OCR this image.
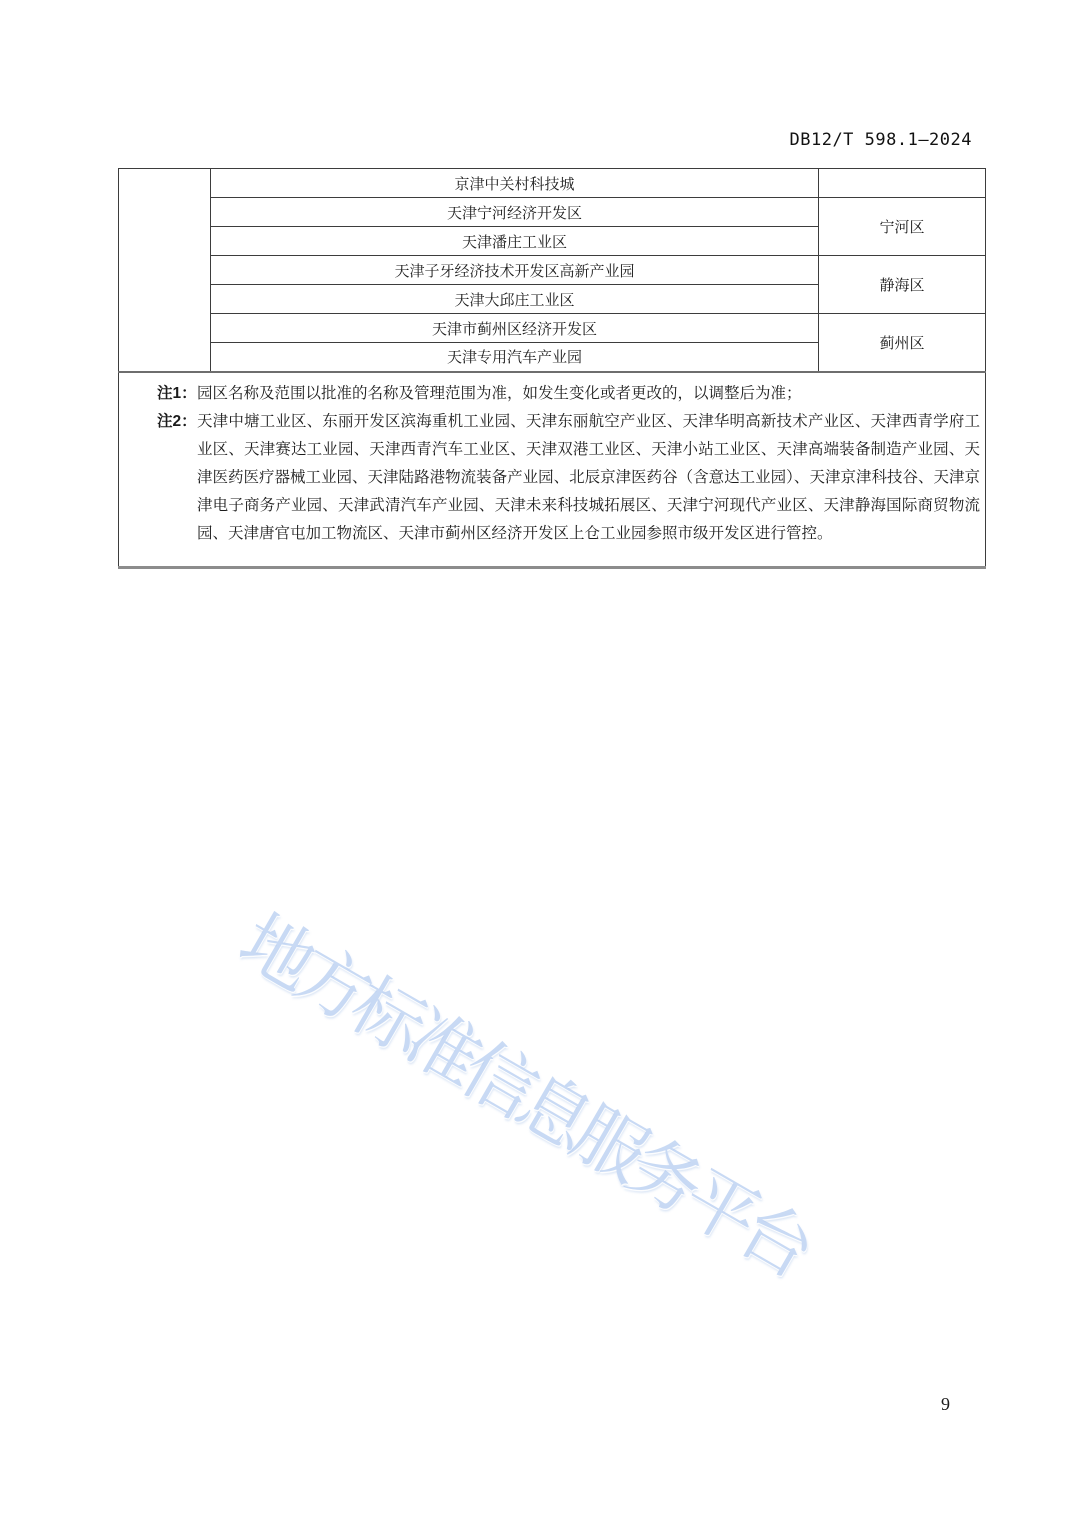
DB12/T 598.1—2024
	京津中关村科技城	
	天津宁河经济开发区	宁河区
	天津潘庄工业区	
	天津子牙经济技术开发区高新产业园	静海区
	天津大邱庄工业区	
	天津市蓟州区经济开发区	蓟州区
	天津专用汽车产业园	

注1： 园区名称及范围以批准的名称及管理范围为准，如发生变化或者更改的，以调整后为准；
注2： 天津中塘工业区、东丽开发区滨海重机工业园、天津东丽航空产业区、天津华明高新技术产业区、天津西青学府工业区、天津赛达工业园、天津西青汽车工业区、天津双港工业区、天津小站工业区、天津高端装备制造产业园、天津医药医疗器械工业园、天津陆路港物流装备产业园、北辰京津医药谷（含意达工业园）、天津京津科技谷、天津京津电子商务产业园、天津武清汽车产业园、天津未来科技城拓展区、天津宁河现代产业区、天津静海国际商贸物流园、天津唐官屯加工物流区、天津市蓟州区经济开发区上仓工业园参照市级开发区进行管控。		
地方标准信息服务平台
9
